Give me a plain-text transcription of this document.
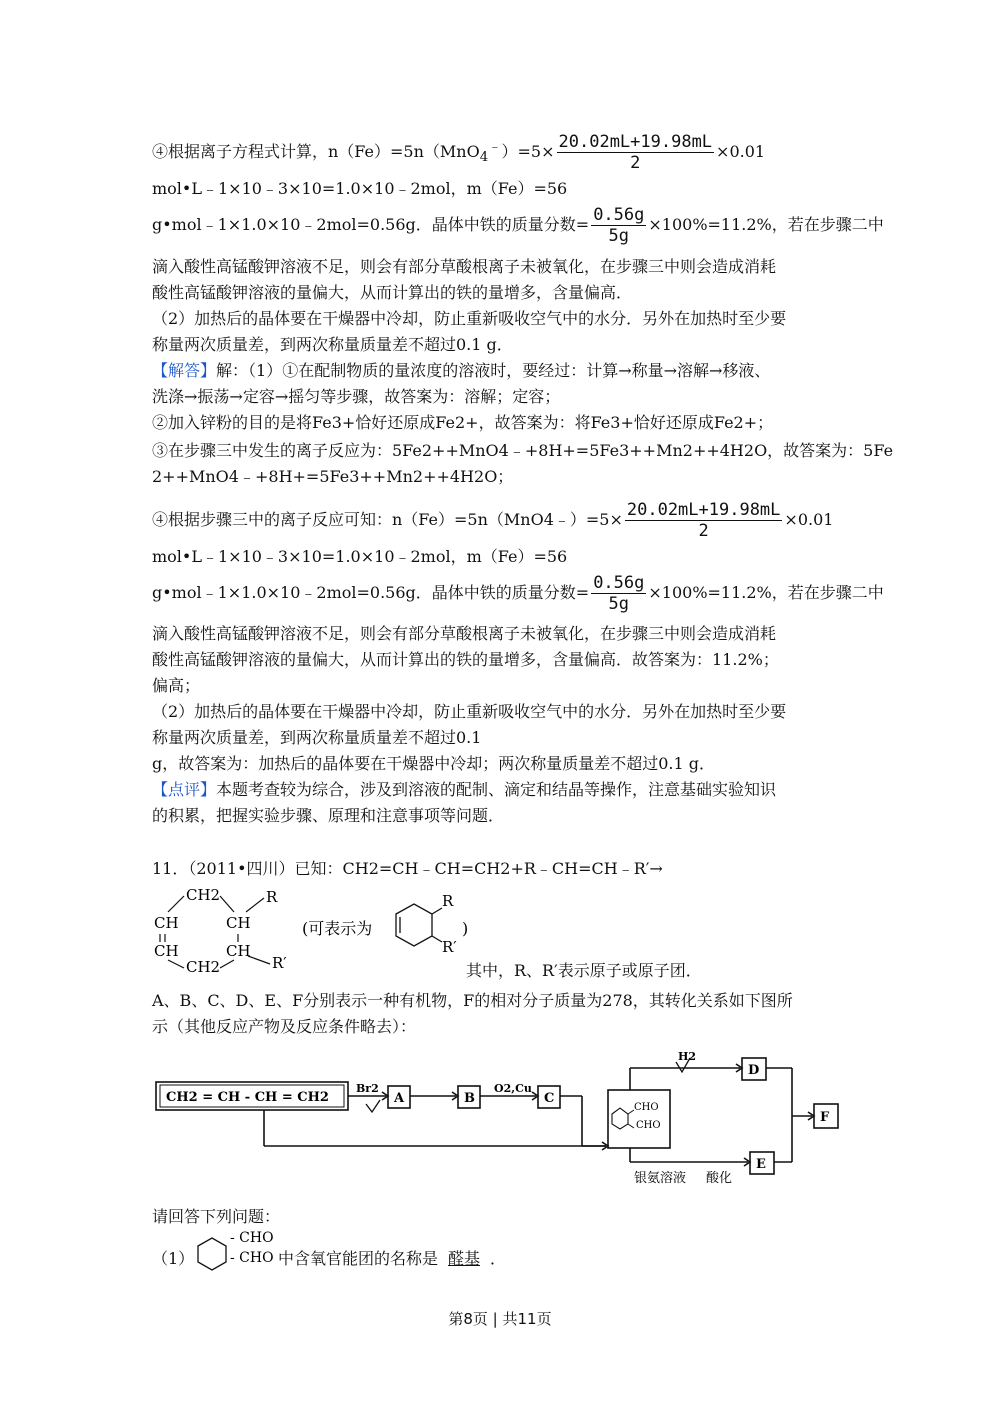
④根据离子方程式计算，$n(Fe)=5n(MnO_4^﹣)=5\times \frac{20.02mL+19.98mL}{2} \times 0.01$
mol•L﹣1×10﹣3×10=1.0×10﹣2mol，m（Fe）=56
g•mol﹣1×1.0×10﹣2mol=0.56g．晶体中铁的质量分数= $\frac{0.56g}{5g} \times 100\%=11.2\%$，若在步骤二中
滴入酸性高锰酸钾溶液不足，则会有部分草酸根离子未被氧化，在步骤三中则会造成消耗
酸性高锰酸钾溶液的量偏大，从而计算出的铁的量增多，含量偏高．
（2）加热后的晶体要在干燥器中冷却，防止重新吸收空气中的水分．另外在加热时至少要
称量两次质量差，到两次称量质量差不超过0.1 g．
【解答】解：（1）①在配制物质的量浓度的溶液时，要经过：计算→称量→溶解→移液、
洗涤→振荡→定容→摇匀等步骤，故答案为：溶解；定容；
②加入锌粉的目的是将Fe3+恰好还原成Fe2+，故答案为：将Fe3+恰好还原成Fe2+；
③在步骤三中发生的离子反应为：5Fe2++MnO4﹣+8H+=5Fe3++Mn2++4H2O，故答案为：5Fe
2++MnO4﹣+8H+=5Fe3++Mn2++4H2O；
④根据步骤三中的离子反应可知：n（Fe）=5n（MnO4﹣）=5× $\frac{20.02mL+19.98mL}{2} \times 0.01$
mol•L﹣1×10﹣3×10=1.0×10﹣2mol，m（Fe）=56
g•mol﹣1×1.0×10﹣2mol=0.56g．晶体中铁的质量分数= $\frac{0.56g}{5g} \times 100\%=11.2\%$，若在步骤二中
滴入酸性高锰酸钾溶液不足，则会有部分草酸根离子未被氧化，在步骤三中则会造成消耗
酸性高锰酸钾溶液的量偏大，从而计算出的铁的量增多，含量偏高．故答案为：11.2%；
偏高；
（2）加热后的晶体要在干燥器中冷却，防止重新吸收空气中的水分．另外在加热时至少要
称量两次质量差，到两次称量质量差不超过0.1
g，故答案为：加热后的晶体要在干燥器中冷却；两次称量质量差不超过0.1 g．
【点评】本题考查较为综合，涉及到溶液的配制、滴定和结晶等操作，注意基础实验知识
的积累，把握实验步骤、原理和注意事项等问题．
11．（2011•四川）已知：CH2=CH﹣CH=CH2+R﹣CH=CH﹣R′→
CH2	R
CH	CH
CH	CH
CH2	R′
(可表示为
R
R′
)
其中，R、R′表示原子或原子团．
A、B、C、D、E、F分别表示一种有机物，F的相对分子质量为278，其转化关系如下图所
示（其他反应产物及反应条件略去）：
CH2 = CH - CH = CH2
Br2
A	B
O2,Cu
C
D
E
F
H2
CHO
CHO
银氨溶液 酸化
请回答下列问题：
（1）
- CHO
- CHO 中含氧官能团的名称是 醛基 ．
第8页 | 共11页
